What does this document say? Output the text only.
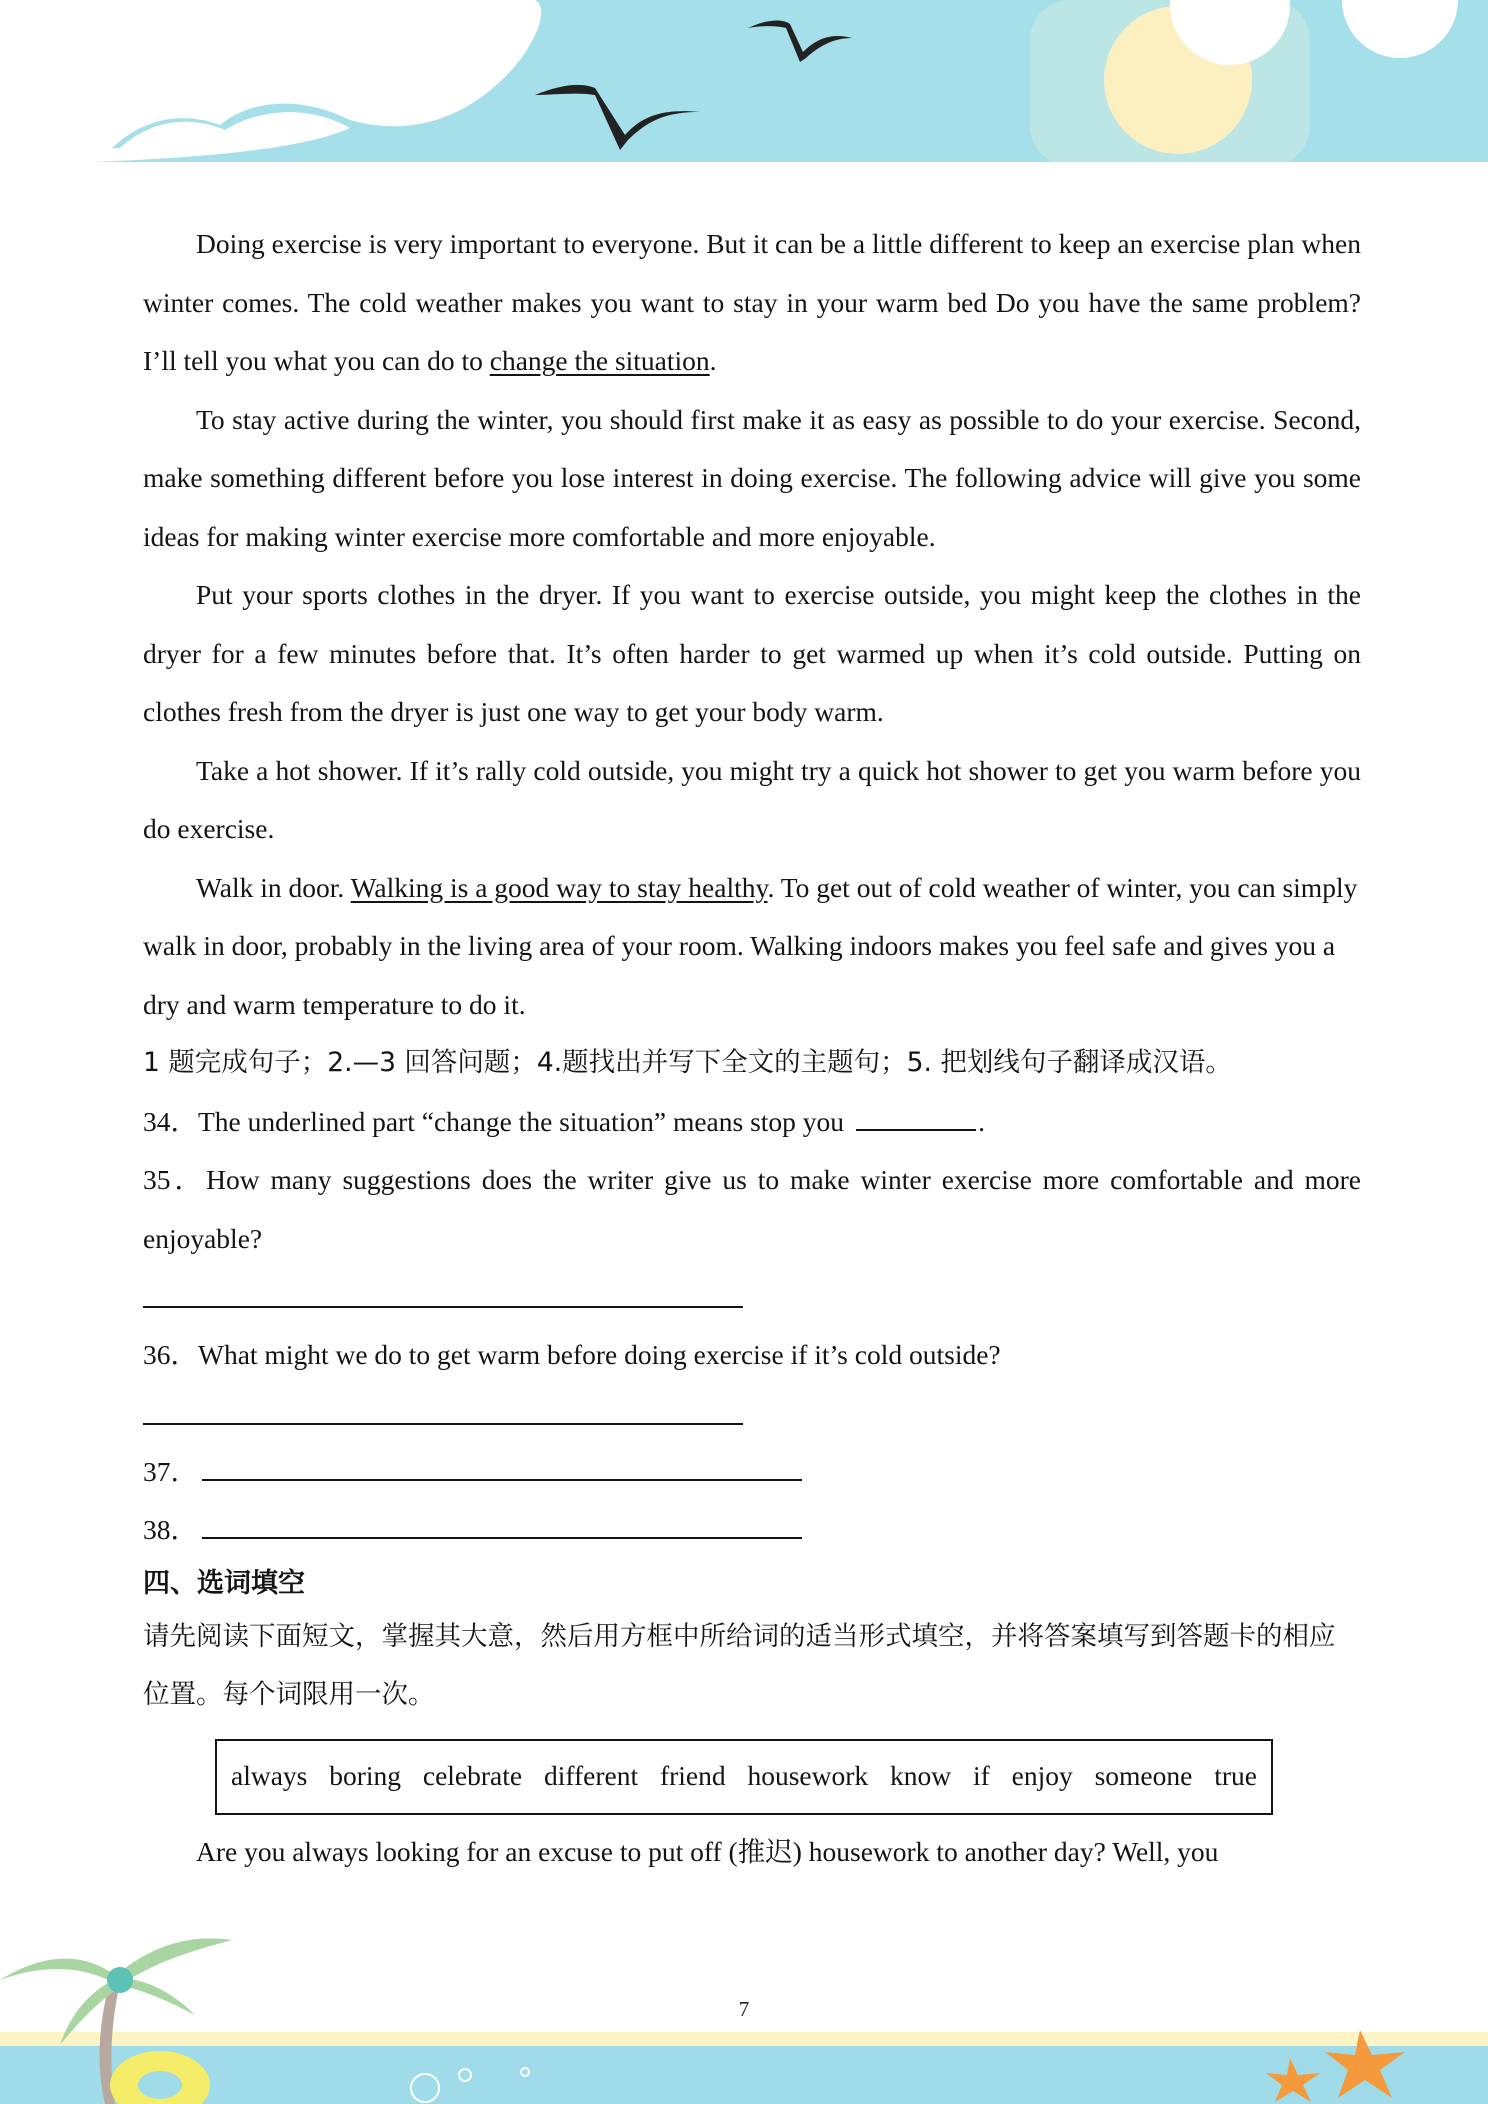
Doing exercise is very important to everyone. But it can be a little different to keep an exercise plan when winter comes. The cold weather makes you want to stay in your warm bed Do you have the same problem? I’ll tell you what you can do to change the situation.

To stay active during the winter, you should first make it as easy as possible to do your exercise. Second, make something different before you lose interest in doing exercise. The following advice will give you some ideas for making winter exercise more comfortable and more enjoyable.

Put your sports clothes in the dryer. If you want to exercise outside, you might keep the clothes in the dryer for a few minutes before that. It’s often harder to get warmed up when it’s cold outside. Putting on clothes fresh from the dryer is just one way to get your body warm.

Take a hot shower. If it’s rally cold outside, you might try a quick hot shower to get you warm before you do exercise.

Walk in door. Walking is a good way to stay healthy. To get out of cold weather of winter, you can simply walk in door, probably in the living area of your room. Walking indoors makes you feel safe and gives you a dry and warm temperature to do it.

1 题完成句子；2.—3 回答问题；4.题找出并写下全文的主题句；5. 把划线句子翻译成汉语。

34．The underlined part “change the situation” means stop you	.

35．How many suggestions does the writer give us to make winter exercise more comfortable and more enjoyable?

36．What might we do to get warm before doing exercise if it’s cold outside?

37．
38．

四、选词填空

请先阅读下面短文，掌握其大意，然后用方框中所给词的适当形式填空，并将答案填写到答题卡的相应位置。每个词限用一次。

always boring celebrate different friend housework know if enjoy someone true

Are you always looking for an excuse to put off (推迟) housework to another day? Well, you

7
